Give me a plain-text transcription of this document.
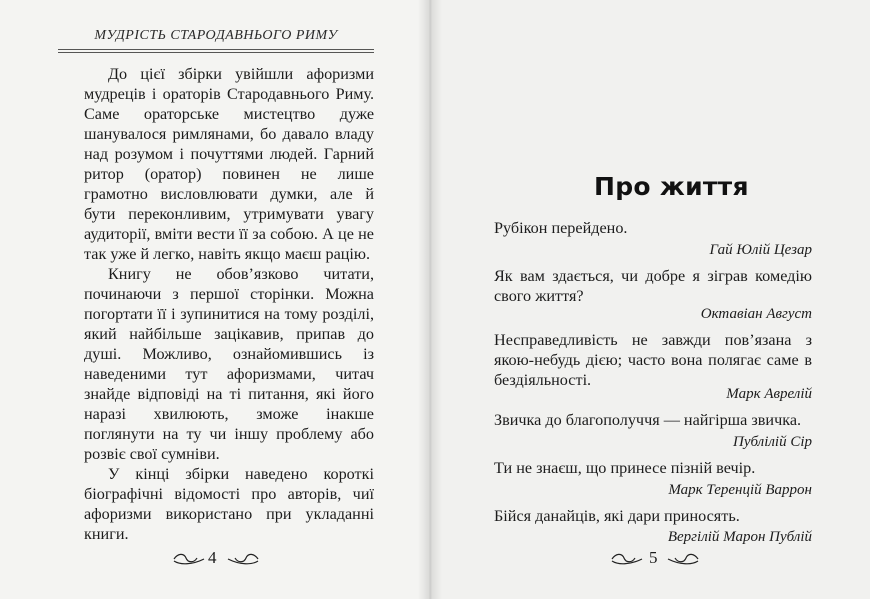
МУДРІСТЬ СТАРОДАВНЬОГО РИМУ

До цієї збірки увійшли афоризми мудреців і ораторів Стародавнього Риму. Саме ораторське мистецтво дуже шанувалося римлянами, бо давало владу над розумом і почуттями людей. Гарний ритор (оратор) повинен не лише грамотно висловлювати думки, але й бути переконливим, утримувати увагу аудиторії, вміти вести її за собою. А це не так уже й легко, навіть якщо маєш рацію.

Книгу не обов’язково читати, починаючи з першої сторінки. Можна погортати її і зупинитися на тому розділі, який найбільше зацікавив, припав до душі. Можливо, ознайомившись із наведеними тут афоризмами, читач знайде відповіді на ті питання, які його наразі хвилюють, зможе інакше поглянути на ту чи іншу проблему або розвіє свої сумніви.

У кінці збірки наведено короткі біографічні відомості про авторів, чиї афоризми використано при укладанні книги.

4
Про життя
Рубікон перейдено.
Гай Юлій Цезар
Як вам здається, чи добре я зіграв комедію свого життя?
Октавіан Август
Несправедливість не завжди пов’язана з якою-небудь дією; часто вона полягає саме в бездіяльності.
Марк Аврелій
Звичка до благополуччя — найгірша звичка.
Публілій Сір
Ти не знаєш, що принесе пізній вечір.
Марк Теренцій Варрон
Бійся данайців, які дари приносять.
Вергілій Марон Публій
5
